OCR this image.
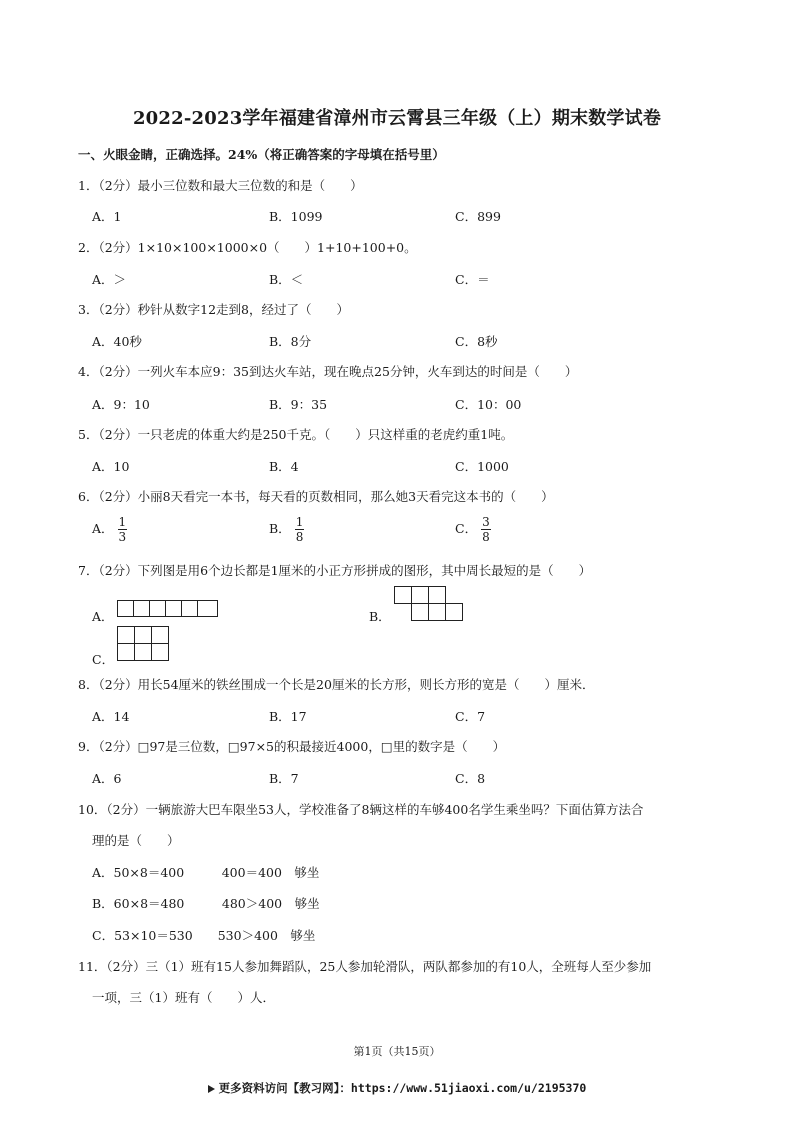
2022-2023学年福建省漳州市云霄县三年级（上）期末数学试卷
一、火眼金睛，正确选择。24%（将正确答案的字母填在括号里）
1．（2分）最小三位数和最大三位数的和是（　　）
A．1	B．1099	C．899
2．（2分）1×10×100×1000×0（　　）1+10+100+0。
A．＞	B．＜	C．＝
3．（2分）秒针从数字12走到8，经过了（　　）
A．40秒	B．8分	C．8秒
4．（2分）一列火车本应9：35到达火车站，现在晚点25分钟，火车到达的时间是（　　）
A．9：10	B．9：35	C．10：00
5．（2分）一只老虎的体重大约是250千克。（　　）只这样重的老虎约重1吨。
A．10	B．4	C．1000
6．（2分）小丽8天看完一本书，每天看的页数相同，那么她3天看完这本书的（　　）
A． $\frac{1}{3}$	B． $\frac{1}{8}$	C． $\frac{3}{8}$
7．（2分）下列图是用6个边长都是1厘米的小正方形拼成的图形，其中周长最短的是（　　）
A．	B．
C．
8．（2分）用长54厘米的铁丝围成一个长是20厘米的长方形，则长方形的宽是（　　）厘米．
A．14	B．17	C．7
9．（2分）□97是三位数，□97×5的积最接近4000，□里的数字是（　　）
A．6	B．7	C．8
10．（2分）一辆旅游大巴车限坐53人，学校准备了8辆这样的车够400名学生乘坐吗？下面估算方法合
理的是（　　）
A．50×8＝400　　　400＝400　够坐
B．60×8＝480　　　480＞400　够坐
C．53×10＝530　　530＞400　够坐
11．（2分）三（1）班有15人参加舞蹈队，25人参加轮滑队，两队都参加的有10人，全班每人至少参加
一项，三（1）班有（　　）人．
第1页（共15页）
更多资料访问【教习网】：https://www.51jiaoxi.com/u/2195370
